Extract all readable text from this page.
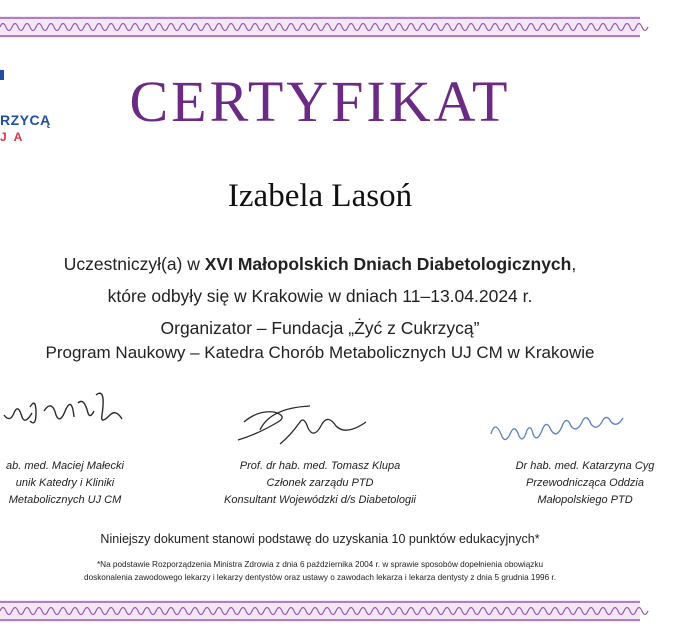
RZYCĄ
JA
CERTYFIKAT
Izabela Lasoń
Uczestniczył(a) w XVI Małopolskich Dniach Diabetologicznych,
które odbyły się w Krakowie w dniach 11–13.04.2024 r.
Organizator – Fundacja „Żyć z Cukrzycą”
Program Naukowy – Katedra Chorób Metabolicznych UJ CM w Krakowie
ab. med. Maciej Małecki
unik Katedry i Kliniki
Metabolicznych UJ CM
Prof. dr hab. med. Tomasz Klupa
Członek zarządu PTD
Konsultant Wojewódzki d/s Diabetologii
Dr hab. med. Katarzyna Cyg
Przewodnicząca Oddzia
Małopolskiego PTD
Niniejszy dokument stanowi podstawę do uzyskania 10 punktów edukacyjnych*
*Na podstawie Rozporządzenia Ministra Zdrowia z dnia 6 października 2004 r. w sprawie sposobów dopełnienia obowiązku
doskonalenia zawodowego lekarzy i lekarzy dentystów oraz ustawy o zawodach lekarza i lekarza dentysty z dnia 5 grudnia 1996 r.
